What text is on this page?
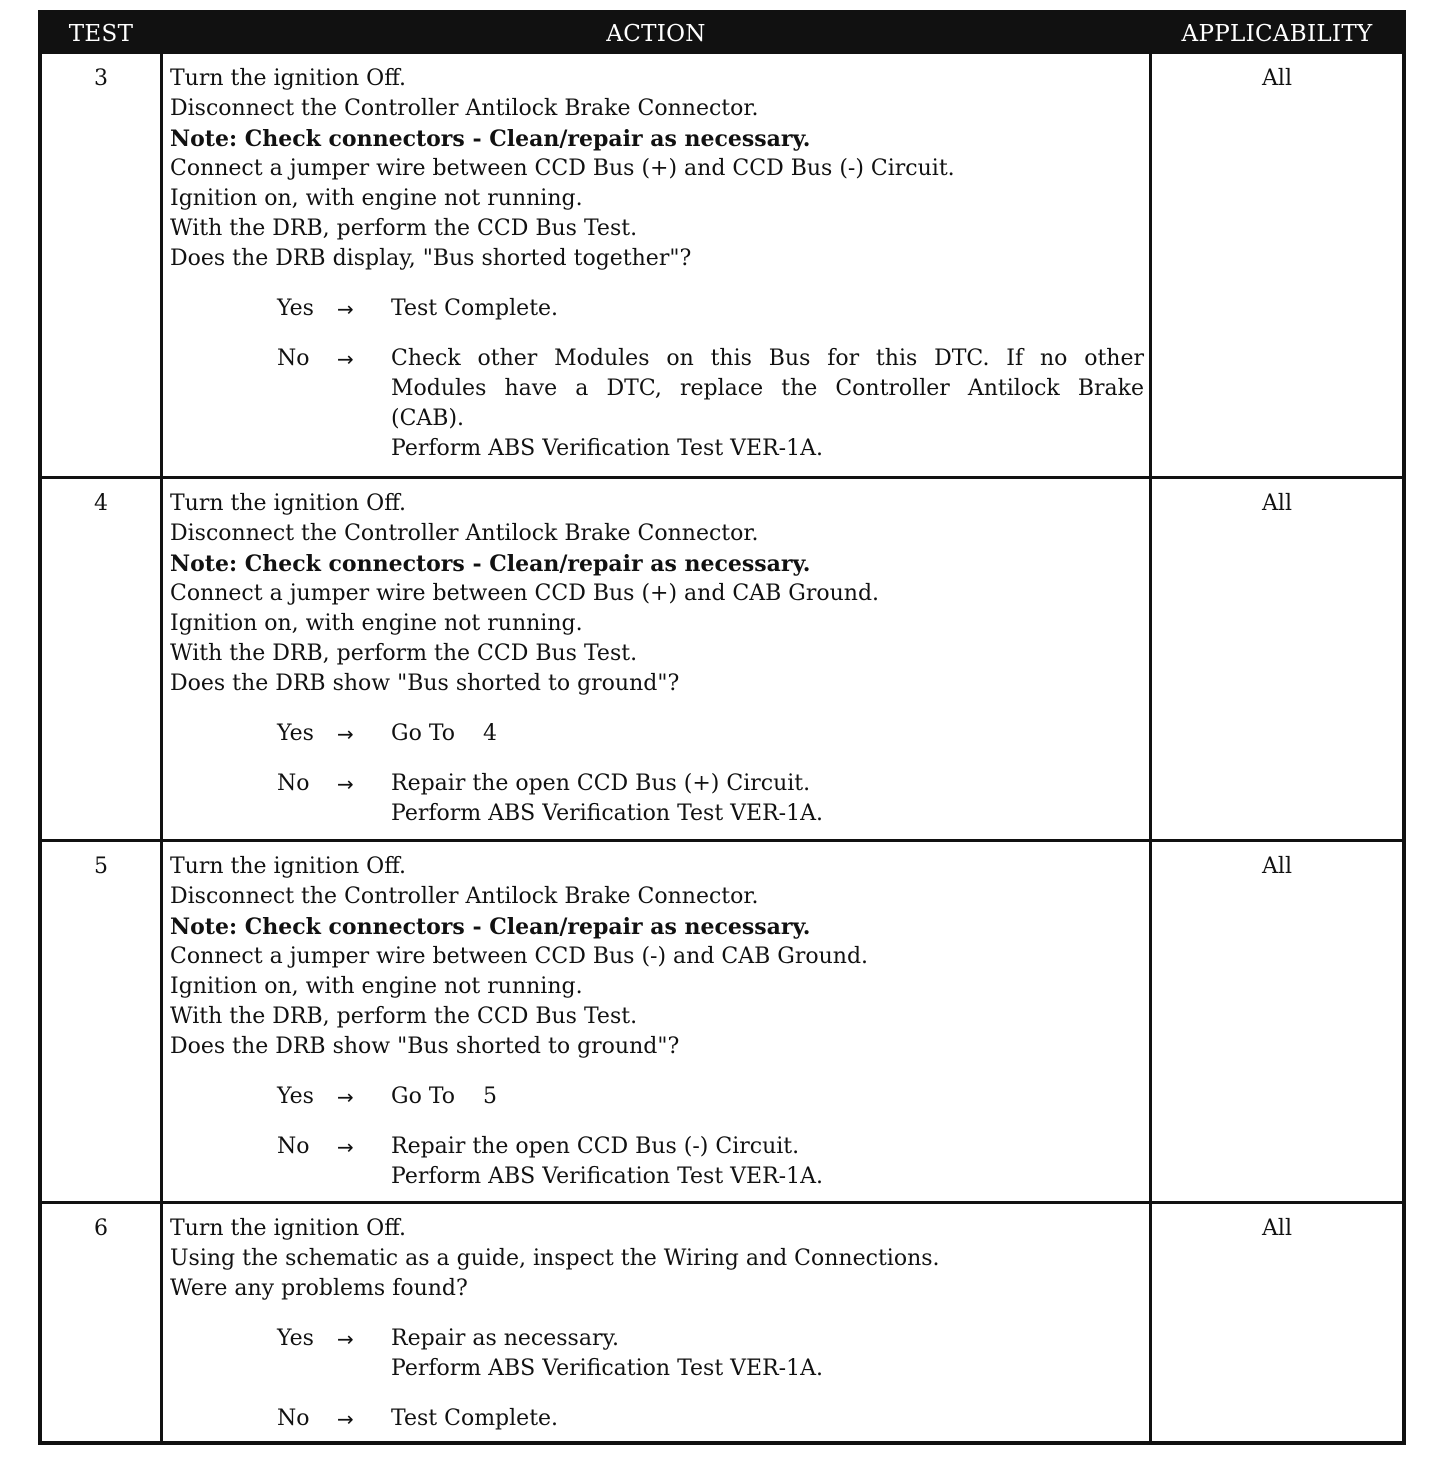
TEST	ACTION	APPLICABILITY
3	Turn the ignition Off.
Disconnect the Controller Antilock Brake Connector.
Note: Check connectors - Clean/repair as necessary.
Connect a jumper wire between CCD Bus (+) and CCD Bus (-) Circuit.
Ignition on, with engine not running.
With the DRB, perform the CCD Bus Test.
Does the DRB display, "Bus shorted together"?
Yes	→	Test Complete.
No	→	Check other Modules on this Bus for this DTC. If no other
Modules have a DTC, replace the Controller Antilock Brake
(CAB).
Perform ABS Verification Test VER-1A.
All
4	Turn the ignition Off.
Disconnect the Controller Antilock Brake Connector.
Note: Check connectors - Clean/repair as necessary.
Connect a jumper wire between CCD Bus (+) and CAB Ground.
Ignition on, with engine not running.
With the DRB, perform the CCD Bus Test.
Does the DRB show "Bus shorted to ground"?
Yes	→	Go To    4
No	→	Repair the open CCD Bus (+) Circuit.
Perform ABS Verification Test VER-1A.
All
5	Turn the ignition Off.
Disconnect the Controller Antilock Brake Connector.
Note: Check connectors - Clean/repair as necessary.
Connect a jumper wire between CCD Bus (-) and CAB Ground.
Ignition on, with engine not running.
With the DRB, perform the CCD Bus Test.
Does the DRB show "Bus shorted to ground"?
Yes	→	Go To    5
No	→	Repair the open CCD Bus (-) Circuit.
Perform ABS Verification Test VER-1A.
All
6	Turn the ignition Off.
Using the schematic as a guide, inspect the Wiring and Connections.
Were any problems found?
Yes	→	Repair as necessary.
Perform ABS Verification Test VER-1A.
No	→	Test Complete.
All
